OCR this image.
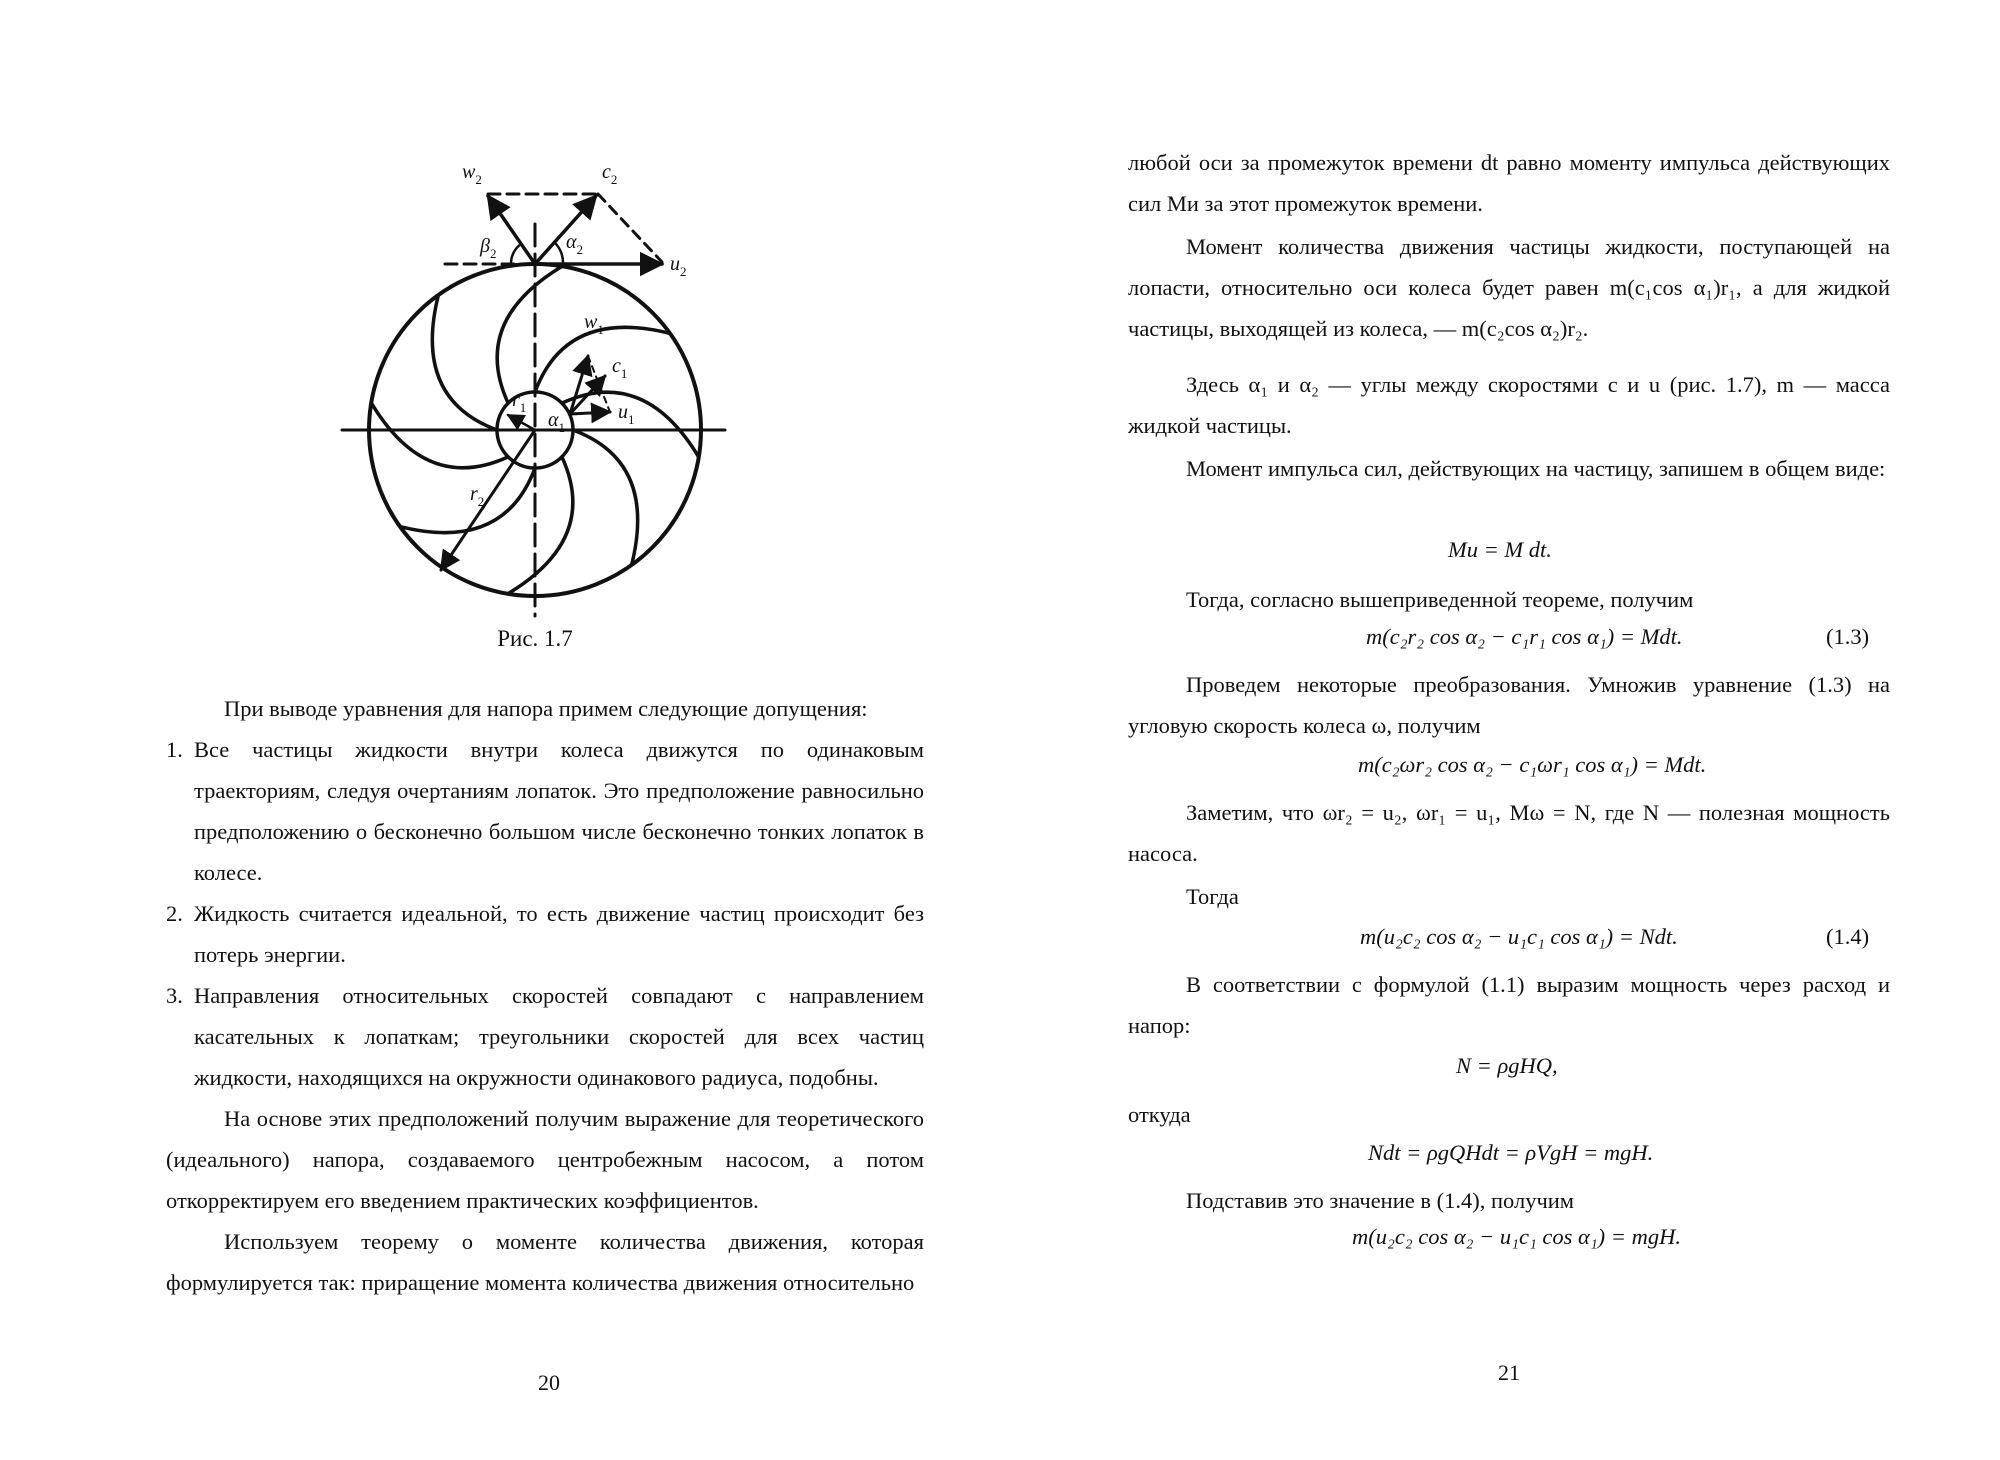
$w_2$	$c_2$
$u_2$
$\beta_2$
$\alpha_2$
$w_1$
$c_1$
$u_1$
$r_1$
$\alpha_1$
$r_2$
Рис. 1.7

При выводе уравнения для напора примем следующие допущения:

1. Все частицы жидкости внутри колеса движутся по одинаковым траекториям, следуя очертаниям лопаток. Это предположение равносильно предположению о бесконечно большом числе бесконечно тонких лопаток в колесе.
2. Жидкость считается идеальной, то есть движение частиц происходит без потерь энергии.
3. Направления относительных скоростей совпадают с направлением касательных к лопаткам; треугольники скоростей для всех частиц жидкости, находящихся на окружности одинакового радиуса, подобны.

На основе этих предположений получим выражение для теоретического (идеального) напора, создаваемого центробежным насосом, а потом откорректируем его введением практических коэффициентов.

Используем теорему о моменте количества движения, которая формулируется так: приращение момента количества движения относительно

20

любой оси за промежуток времени dt равно моменту импульса действующих сил Mи за этот промежуток времени.

Момент количества движения частицы жидкости, поступающей на лопасти, относительно оси колеса будет равен m(c₁cos α₁)r₁, а для жидкой частицы, выходящей из колеса, — m(c₂cos α₂)r₂.

Здесь α₁ и α₂ — углы между скоростями c и u (рис. 1.7), m — масса жидкой частицы.

Момент импульса сил, действующих на частицу, запишем в общем виде:

Mи = M dt.

Тогда, согласно вышеприведенной теореме, получим

m(c₂r₂ cos α₂ − c₁r₁ cos α₁) = Mdt.	(1.3)

Проведем некоторые преобразования. Умножив уравнение (1.3) на угловую скорость колеса ω, получим

m(c₂ωr₂ cos α₂ − c₁ωr₁ cos α₁) = Mdt.

Заметим, что ωr₂ = u₂, ωr₁ = u₁, Mω = N, где N — полезная мощность насоса.

Тогда

m(u₂c₂ cos α₂ − u₁c₁ cos α₁) = Ndt.	(1.4)

В соответствии с формулой (1.1) выразим мощность через расход и напор:

N = ρgHQ,

откуда

Ndt = ρgQHdt = ρVgH = mgH.

Подставив это значение в (1.4), получим

m(u₂c₂ cos α₂ − u₁c₁ cos α₁) = mgH.
21
